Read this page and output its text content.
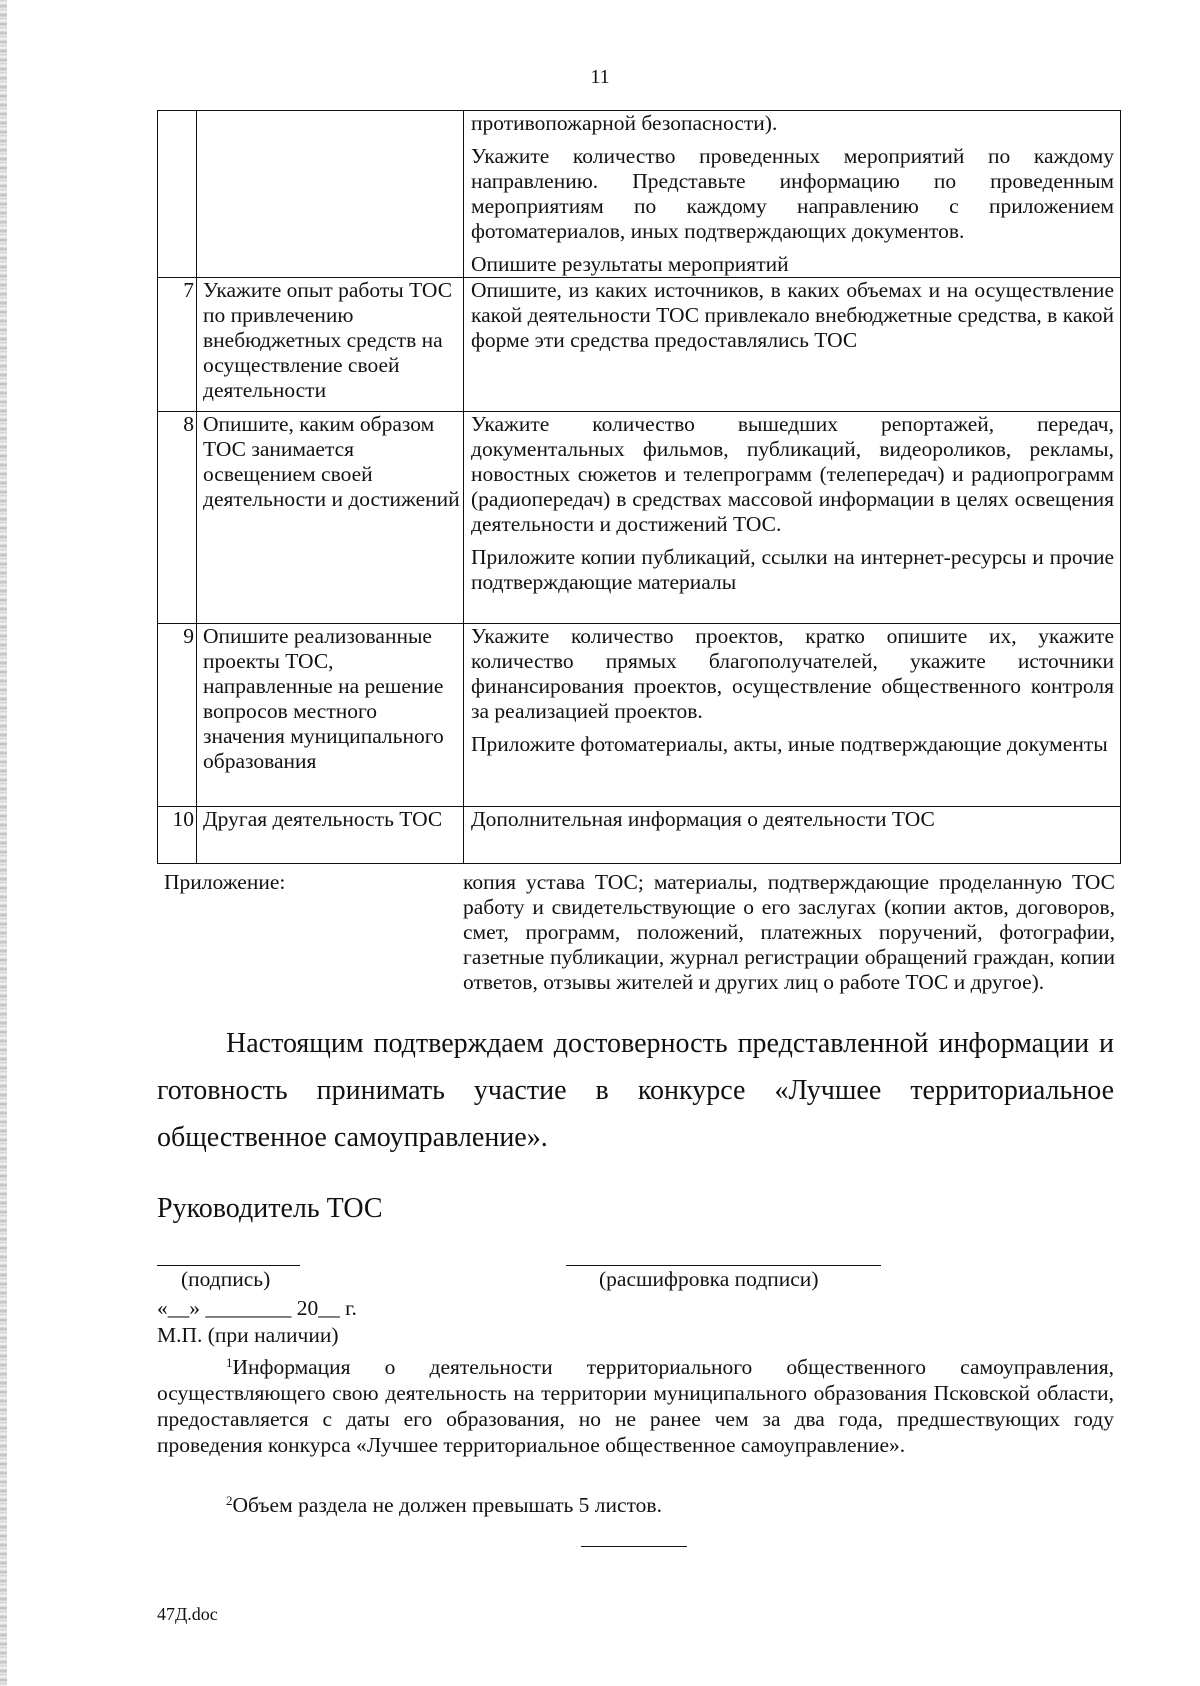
11

		противопожарной безопасности).

Укажите количество проведенных мероприятий по каждому направлению. Представьте информацию по проведенным мероприятиям по каждому направлению с приложением фотоматериалов, иных подтверждающих документов.

Опишите результаты мероприятий

7	Укажите опыт работы ТОС по привлечению внебюджетных средств на осуществление своей деятельности	Опишите, из каких источников, в каких объемах и на осуществление какой деятельности ТОС привлекало внебюджетные средства, в какой форме эти средства предоставлялись ТОС

8	Опишите, каким образом ТОС занимается освещением своей деятельности и достижений	Укажите количество вышедших репортажей, передач, документальных фильмов, публикаций, видеороликов, рекламы, новостных сюжетов и телепрограмм (телепередач) и радиопрограмм (радиопередач) в средствах массовой информации в целях освещения деятельности и достижений ТОС.

Приложите копии публикаций, ссылки на интернет-ресурсы и прочие подтверждающие материалы

9	Опишите реализованные проекты ТОС, направленные на решение вопросов местного значения муниципального образования	Укажите количество проектов, кратко опишите их, укажите количество прямых благополучателей, укажите источники финансирования проектов, осуществление общественного контроля за реализацией проектов.

Приложите фотоматериалы, акты, иные подтверждающие документы

10	Другая деятельность ТОС	Дополнительная информация о деятельности ТОС

Приложение:	копия устава ТОС; материалы, подтверждающие проделанную ТОС работу и свидетельствующие о его заслугах (копии актов, договоров, смет, программ, положений, платежных поручений, фотографии, газетные публикации, журнал регистрации обращений граждан, копии ответов, отзывы жителей и других лиц о работе ТОС и другое).
Настоящим подтверждаем достоверность представленной информации и готовность принимать участие в конкурсе «Лучшее территориальное общественное самоуправление».
Руководитель ТОС
(подпись)	(расшифровка подписи)
«__» ________ 20__ г.
М.П. (при наличии)
$^1$Информация о деятельности территориального общественного самоуправления, осуществляющего свою деятельность на территории муниципального образования Псковской области, предоставляется с даты его образования, но не ранее чем за два года, предшествующих году проведения конкурса «Лучшее территориальное общественное самоуправление».
$^2$Объем раздела не должен превышать 5 листов.
47Д.doc
